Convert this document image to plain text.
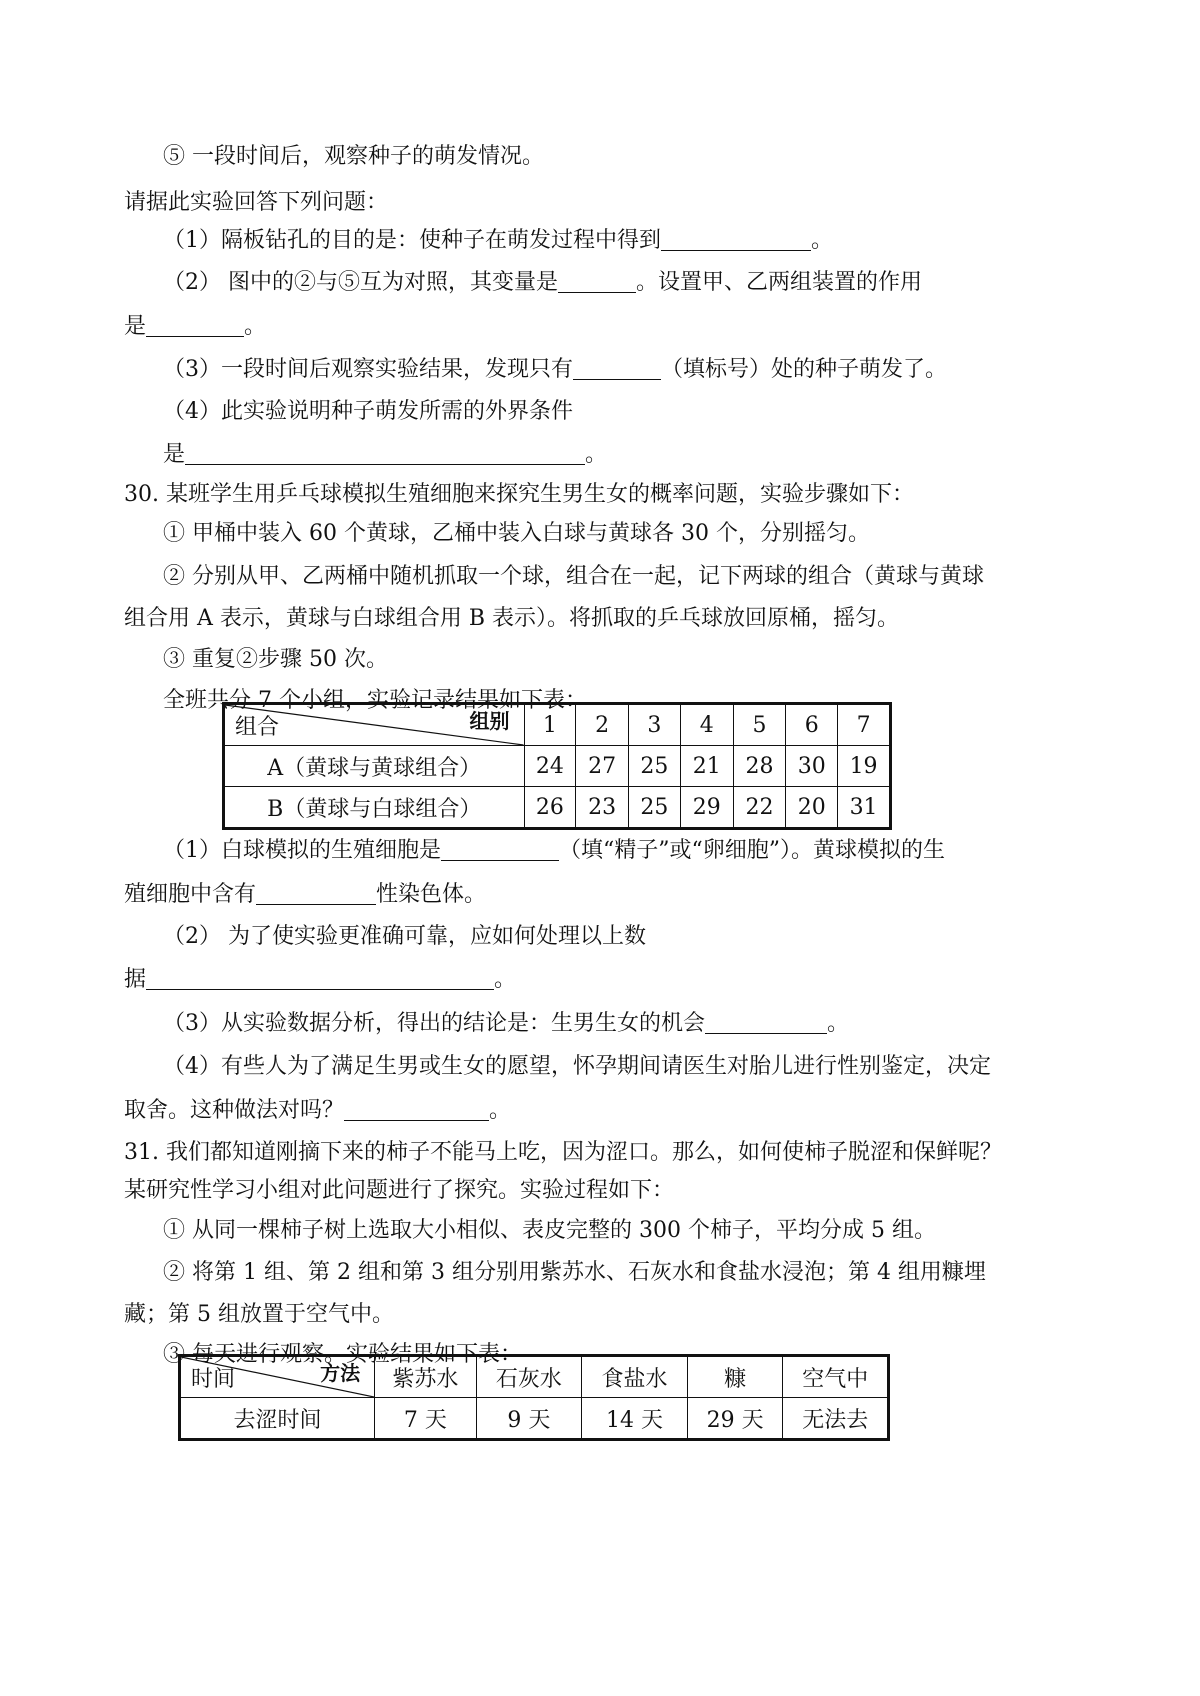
⑤ 一段时间后，观察种子的萌发情况。
请据此实验回答下列问题：
（1）隔板钻孔的目的是：使种子在萌发过程中得到	。
（2） 图中的②与⑤互为对照，其变量是	。设置甲、乙两组装置的作用
是	。
（3）一段时间后观察实验结果，发现只有	（填标号）处的种子萌发了。
（4）此实验说明种子萌发所需的外界条件
是	。
30. 某班学生用乒乓球模拟生殖细胞来探究生男生女的概率问题，实验步骤如下：
① 甲桶中装入 60 个黄球，乙桶中装入白球与黄球各 30 个，分别摇匀。
② 分别从甲、乙两桶中随机抓取一个球，组合在一起，记下两球的组合（黄球与黄球
组合用 A 表示，黄球与白球组合用 B 表示）。将抓取的乒乓球放回原桶，摇匀。
③ 重复②步骤 50 次。
全班共分 7 个小组，实验记录结果如下表：
组合 组别	1	2	3	4	5	6	7
A（黄球与黄球组合）	24	27	25	21	28	30	19
B（黄球与白球组合）	26	23	25	29	22	20	31
（1）白球模拟的生殖细胞是	（填“精子”或“卵细胞”）。黄球模拟的生
殖细胞中含有	性染色体。
（2） 为了使实验更准确可靠，应如何处理以上数
据	。
（3）从实验数据分析，得出的结论是：生男生女的机会	。
（4）有些人为了满足生男或生女的愿望，怀孕期间请医生对胎儿进行性别鉴定，决定
取舍。这种做法对吗？	。
31. 我们都知道刚摘下来的柿子不能马上吃，因为涩口。那么，如何使柿子脱涩和保鲜呢？
某研究性学习小组对此问题进行了探究。实验过程如下：
① 从同一棵柿子树上选取大小相似、表皮完整的 300 个柿子，平均分成 5 组。
② 将第 1 组、第 2 组和第 3 组分别用紫苏水、石灰水和食盐水浸泡；第 4 组用糠埋
藏；第 5 组放置于空气中。
③ 每天进行观察。实验结果如下表：
时间 方法	紫苏水	石灰水	食盐水	糠	空气中
去涩时间	7 天	9 天	14 天	29 天	无法去
